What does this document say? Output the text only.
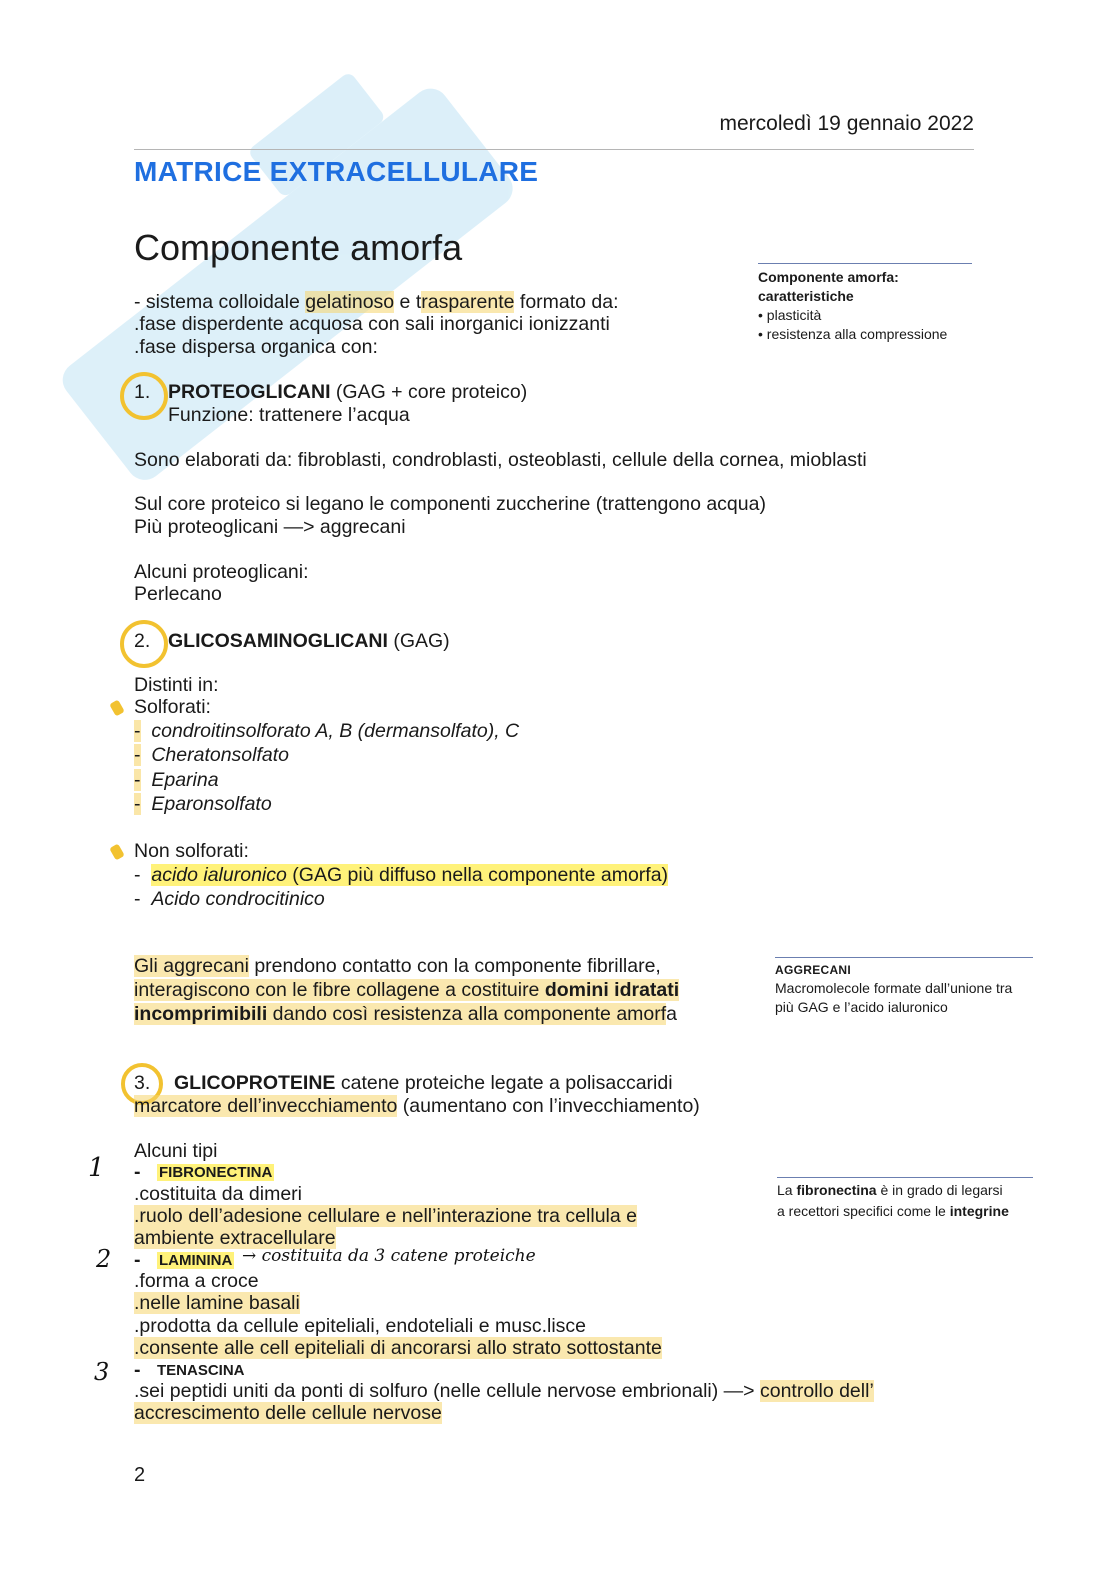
mercoledì 19 gennaio 2022
MATRICE EXTRACELLULARE
Componente amorfa
Componente amorfa:
caratteristiche
• plasticità
• resistenza alla compressione
- sistema colloidale gelatinoso e trasparente formato da:
.fase disperdente acquosa con sali inorganici ionizzanti
.fase dispersa organica con:
1. PROTEOGLICANI (GAG + core proteico)
Funzione: trattenere l’acqua
Sono elaborati da: fibroblasti, condroblasti, osteoblasti, cellule della cornea, mioblasti
Sul core proteico si legano le componenti zuccherine (trattengono acqua)
Più proteoglicani —> aggrecani
Alcuni proteoglicani:
Perlecano
2. GLICOSAMINOGLICANI (GAG)
Distinti in:
Solforati:
- condroitinsolforato A, B (dermansolfato), C
- Cheratonsolfato
- Eparina
- Eparonsolfato
Non solforati:
- acido ialuronico (GAG più diffuso nella componente amorfa)
- Acido condrocitinico
Gli aggrecani prendono contatto con la componente fibrillare,
interagiscono con le fibre collagene a costituire domini idratati
incomprimibili dando così resistenza alla componente amorfa
AGGRECANI
Macromolecole formate dall’unione tra
più GAG e l’acido ialuronico
3. GLICOPROTEINE catene proteiche legate a polisaccaridi
marcatore dell’invecchiamento (aumentano con l’invecchiamento)
Alcuni tipi
1 - FIBRONECTINA
.costituita da dimeri
.ruolo dell’adesione cellulare e nell’interazione tra cellula e
ambiente extracellulare
La fibronectina è in grado di legarsi
a recettori specifici come le integrine
2 - LAMININA → costituita da 3 catene proteiche
.forma a croce
.nelle lamine basali
.prodotta da cellule epiteliali, endoteliali e musc.lisce
.consente alle cell epiteliali di ancorarsi allo strato sottostante
3 - TENASCINA
.sei peptidi uniti da ponti di solfuro (nelle cellule nervose embrionali) —> controllo dell’
accrescimento delle cellule nervose
2
